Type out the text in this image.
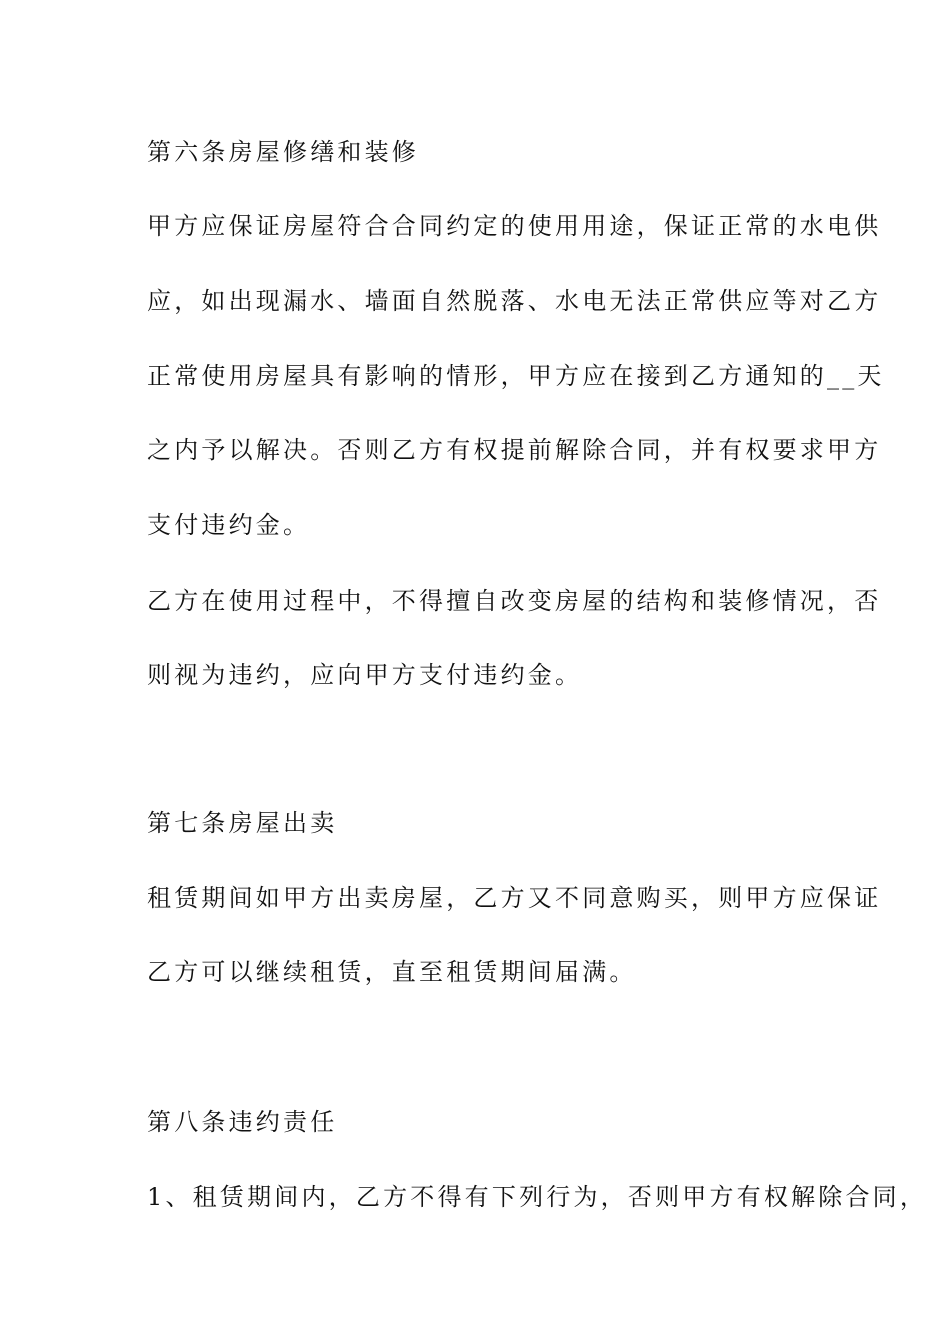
第六条房屋修缮和装修
甲方应保证房屋符合合同约定的使用用途，保证正常的水电供
应，如出现漏水、墙面自然脱落、水电无法正常供应等对乙方
正常使用房屋具有影响的情形，甲方应在接到乙方通知的__天
之内予以解决。否则乙方有权提前解除合同，并有权要求甲方
支付违约金。
乙方在使用过程中，不得擅自改变房屋的结构和装修情况，否
则视为违约，应向甲方支付违约金。
第七条房屋出卖
租赁期间如甲方出卖房屋，乙方又不同意购买，则甲方应保证
乙方可以继续租赁，直至租赁期间届满。
第八条违约责任
1、租赁期间内，乙方不得有下列行为，否则甲方有权解除合同，
